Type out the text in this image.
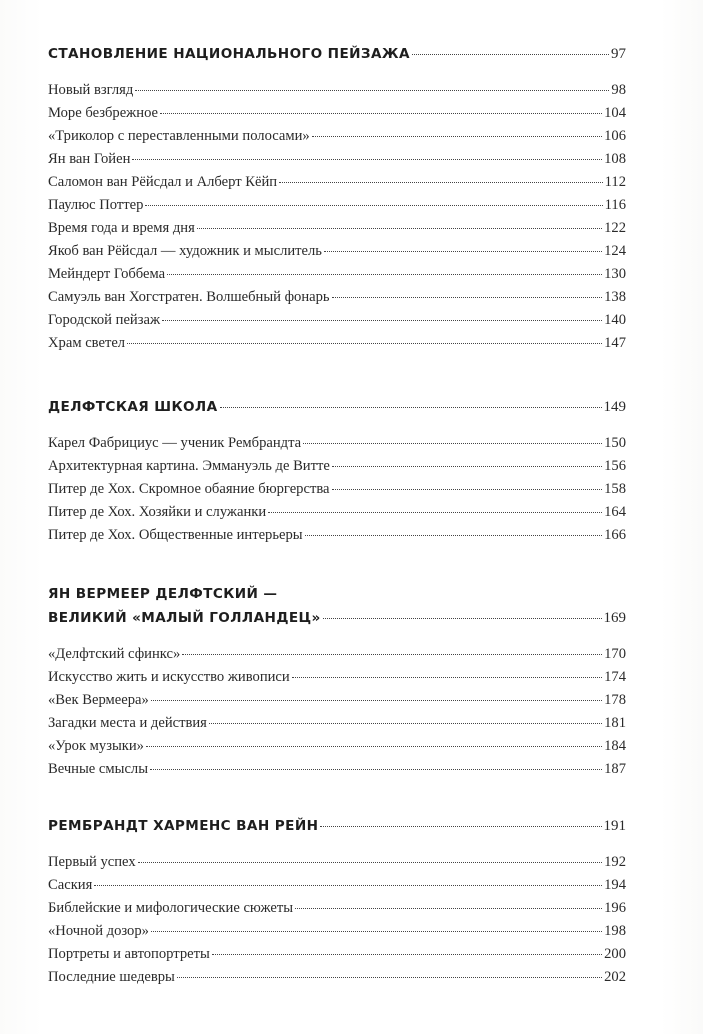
СТАНОВЛЕНИЕ НАЦИОНАЛЬНОГО ПЕЙЗАЖА	97
Новый взгляд	98
Море безбрежное	104
«Триколор с переставленными полосами»	106
Ян ван Гойен	108
Саломон ван Рёйсдал и Алберт Кёйп	112
Паулюс Поттер	116
Время года и время дня	122
Якоб ван Рёйсдал — художник и мыслитель	124
Мейндерт Гоббема	130
Самуэль ван Хогстратен. Волшебный фонарь	138
Городской пейзаж	140
Храм светел	147
ДЕЛФТСКАЯ ШКОЛА	149
Карел Фабрициус — ученик Рембрандта	150
Архитектурная картина. Эммануэль де Витте	156
Питер де Хох. Скромное обаяние бюргерства	158
Питер де Хох. Хозяйки и служанки	164
Питер де Хох. Общественные интерьеры	166
ЯН ВЕРМЕЕР ДЕЛФТСКИЙ —
ВЕЛИКИЙ «МАЛЫЙ ГОЛЛАНДЕЦ»	169
«Делфтский сфинкс»	170
Искусство жить и искусство живописи	174
«Век Вермеера»	178
Загадки места и действия	181
«Урок музыки»	184
Вечные смыслы	187
РЕМБРАНДТ ХАРМЕНС ВАН РЕЙН	191
Первый успех	192
Саския	194
Библейские и мифологические сюжеты	196
«Ночной дозор»	198
Портреты и автопортреты	200
Последние шедевры	202
